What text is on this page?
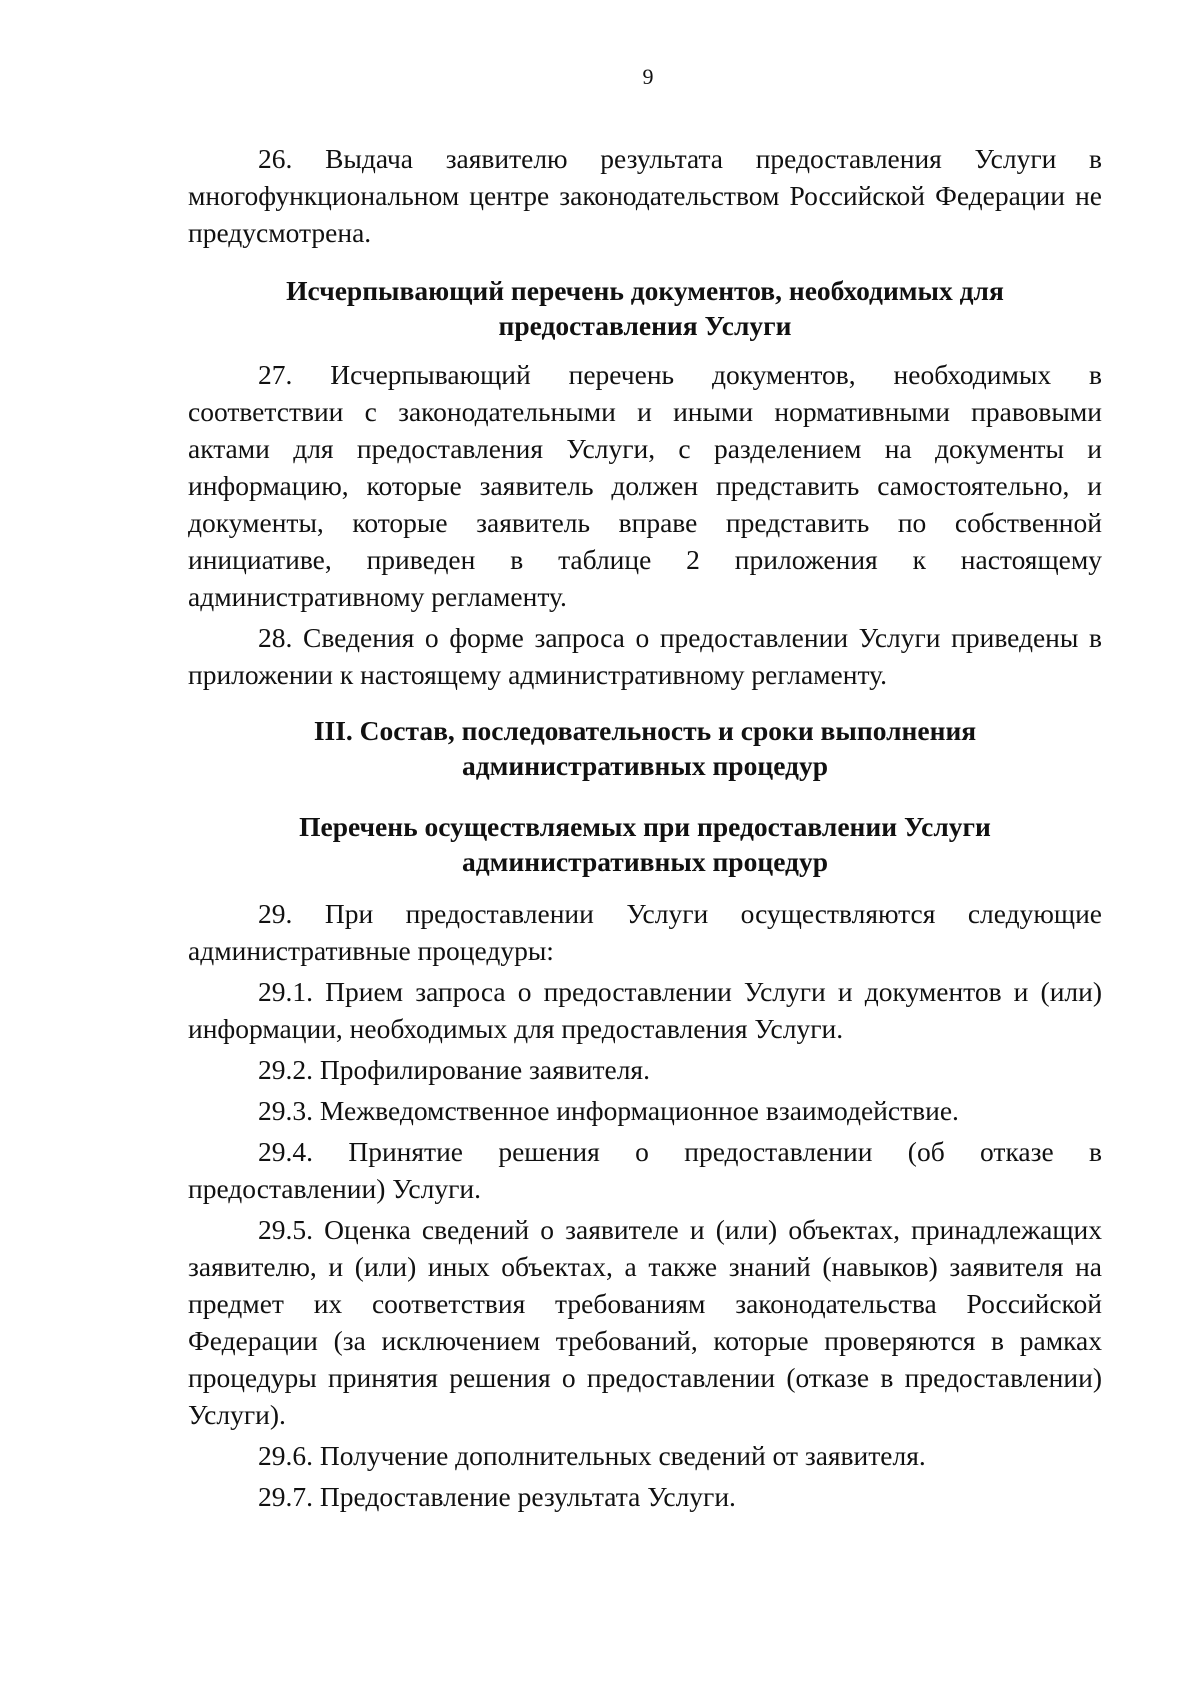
9

26. Выдача заявителю результата предоставления Услуги в многофункциональном центре законодательством Российской Федерации не предусмотрена.

Исчерпывающий перечень документов, необходимых для
предоставления Услуги

27. Исчерпывающий перечень документов, необходимых в соответствии с законодательными и иными нормативными правовыми актами для предоставления Услуги, с разделением на документы и информацию, которые заявитель должен представить самостоятельно, и документы, которые заявитель вправе представить по собственной инициативе, приведен в таблице 2 приложения к настоящему административному регламенту.

28. Сведения о форме запроса о предоставлении Услуги приведены в приложении к настоящему административному регламенту.

III. Состав, последовательность и сроки выполнения
административных процедур
Перечень осуществляемых при предоставлении Услуги
административных процедур

29. При предоставлении Услуги осуществляются следующие административные процедуры:

29.1. Прием запроса о предоставлении Услуги и документов и (или) информации, необходимых для предоставления Услуги.

29.2. Профилирование заявителя.

29.3. Межведомственное информационное взаимодействие.

29.4. Принятие решения о предоставлении (об отказе в предоставлении) Услуги.

29.5. Оценка сведений о заявителе и (или) объектах, принадлежащих заявителю, и (или) иных объектах, а также знаний (навыков) заявителя на предмет их соответствия требованиям законодательства Российской Федерации (за исключением требований, которые проверяются в рамках процедуры принятия решения о предоставлении (отказе в предоставлении) Услуги).

29.6. Получение дополнительных сведений от заявителя.

29.7. Предоставление результата Услуги.
